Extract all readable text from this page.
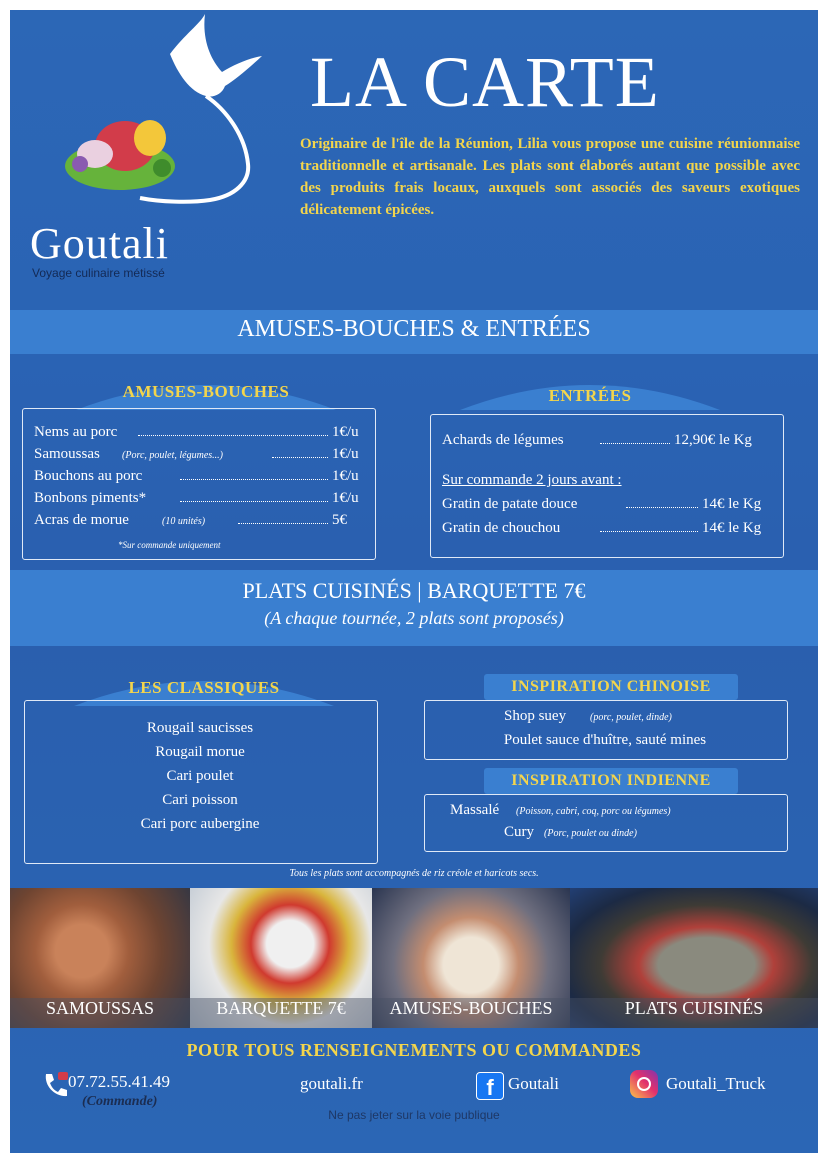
Goutali
Voyage culinaire métissé
LA CARTE
Originaire de l'île de la Réunion, Lilia vous propose une cuisine réunionnaise traditionnelle et artisanale. Les plats sont élaborés autant que possible avec des produits frais locaux, auxquels sont associés des saveurs exotiques délicatement épicées.
AMUSES-BOUCHES & ENTRÉES
AMUSES-BOUCHES
Nems au porc	1€/u
Samoussas (Porc, poulet, légumes...)	1€/u
Bouchons au porc	1€/u
Bonbons piments*	1€/u
Acras de morue	(10 unités)	5€
*Sur commande uniquement
ENTRÉES
Achards de légumes	12,90€ le Kg
Sur commande 2 jours avant :
Gratin de patate douce	14€ le Kg
Gratin de chouchou	14€ le Kg
PLATS CUISINÉS | BARQUETTE 7€
(A chaque tournée, 2 plats sont proposés)
LES CLASSIQUES
Rougail saucisses
Rougail morue
Cari poulet
Cari poisson
Cari porc aubergine
INSPIRATION CHINOISE
Shop suey (porc, poulet, dinde)
Poulet sauce d'huître, sauté mines
INSPIRATION INDIENNE
Massalé (Poisson, cabri, coq, porc ou légumes)
Cury (Porc, poulet ou dinde)
Tous les plats sont accompagnés de riz créole et haricots secs.
SAMOUSSAS	BARQUETTE 7€	AMUSES-BOUCHES	PLATS CUISINÉS
POUR TOUS RENSEIGNEMENTS OU COMMANDES
07.72.55.41.49
(Commande)
goutali.fr	f Goutali	Goutali_Truck
Ne pas jeter sur la voie publique
